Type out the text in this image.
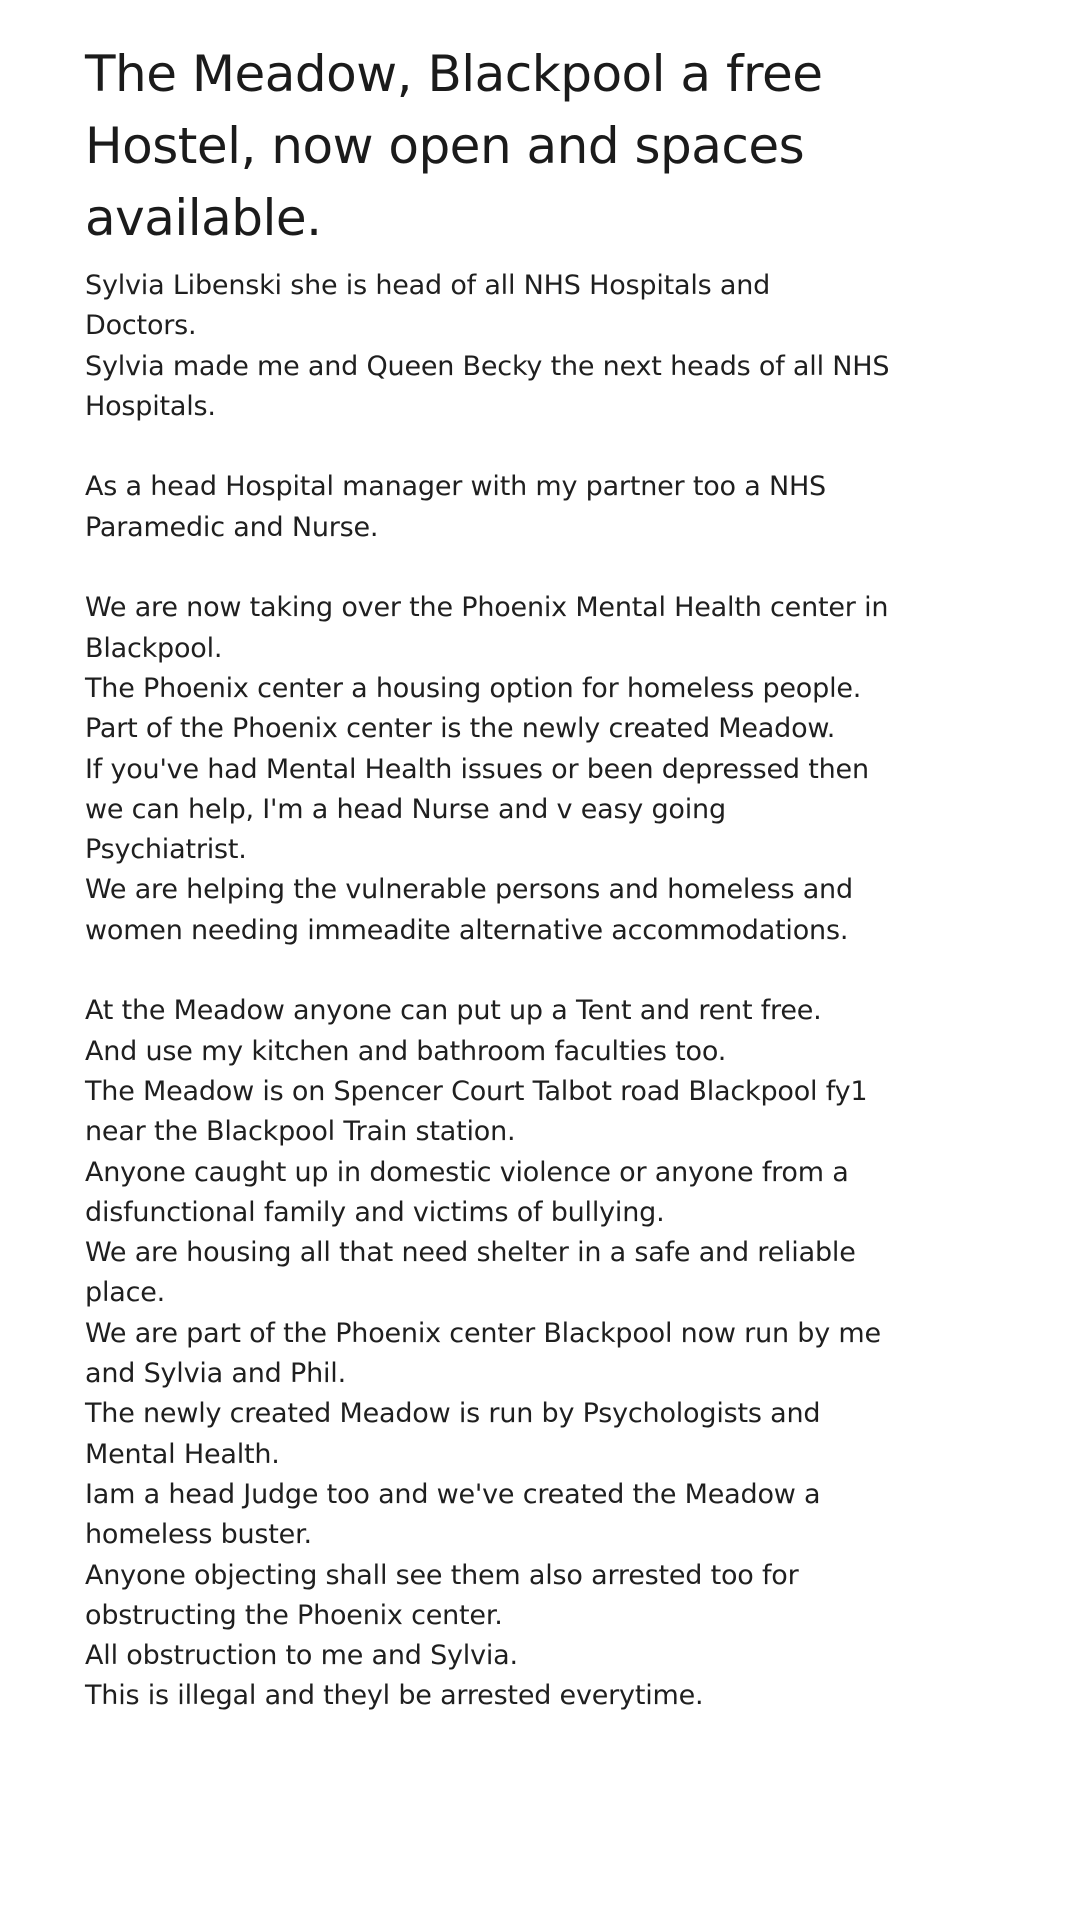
The Meadow, Blackpool a free
Hostel, now open and spaces
available.
Sylvia Libenski she is head of all NHS Hospitals and
Doctors.
Sylvia made me and Queen Becky the next heads of all NHS
Hospitals.

As a head Hospital manager with my partner too a NHS
Paramedic and Nurse.

We are now taking over the Phoenix Mental Health center in
Blackpool.
The Phoenix center a housing option for homeless people.
Part of the Phoenix center is the newly created Meadow.
If you've had Mental Health issues or been depressed then
we can help, I'm a head Nurse and v easy going
Psychiatrist.
We are helping the vulnerable persons and homeless and
women needing immeadite alternative accommodations.

At the Meadow anyone can put up a Tent and rent free.
And use my kitchen and bathroom faculties too.
The Meadow is on Spencer Court Talbot road Blackpool fy1
near the Blackpool Train station.
Anyone caught up in domestic violence or anyone from a
disfunctional family and victims of bullying.
We are housing all that need shelter in a safe and reliable
place.
We are part of the Phoenix center Blackpool now run by me
and Sylvia and Phil.
The newly created Meadow is run by Psychologists and
Mental Health.
Iam a head Judge too and we've created the Meadow a
homeless buster.
Anyone objecting shall see them also arrested too for
obstructing the Phoenix center.
All obstruction to me and Sylvia.
This is illegal and theyl be arrested everytime.
